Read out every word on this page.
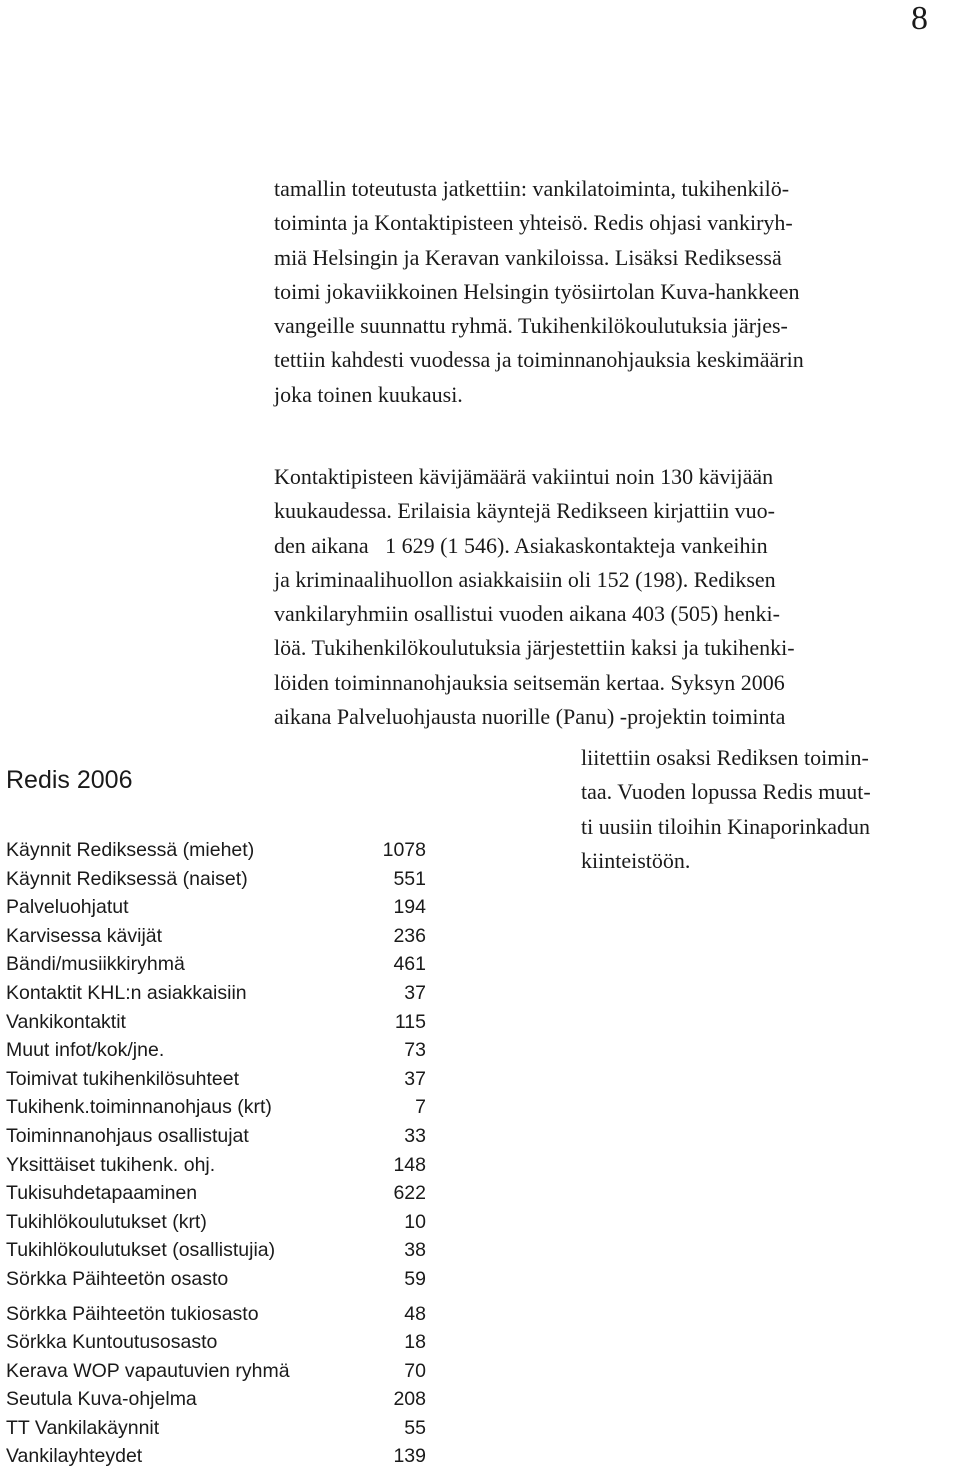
8
tamallin toteutusta jatkettiin: vankilatoiminta, tukihenkilö-
toiminta ja Kontaktipisteen yhteisö. Redis ohjasi vankiryh-
miä Helsingin ja Keravan vankiloissa. Lisäksi Rediksessä
toimi jokaviikkoinen Helsingin työsiirtolan Kuva-hankkeen
vangeille suunnattu ryhmä. Tukihenkilökoulutuksia järjes-
tettiin kahdesti vuodessa ja toiminnanohjauksia keskimäärin
joka toinen kuukausi.
Kontaktipisteen kävijämäärä vakiintui noin 130 kävijään
kuukaudessa. Erilaisia käyntejä Redikseen kirjattiin vuo-
den aikana   1 629 (1 546). Asiakaskontakteja vankeihin
ja kriminaalihuollon asiakkaisiin oli 152 (198). Rediksen
vankilaryhmiin osallistui vuoden aikana 403 (505) henki-
löä. Tukihenkilökoulutuksia järjestettiin kaksi ja tukihenki-
löiden toiminnanohjauksia seitsemän kertaa. Syksyn 2006
aikana Palveluohjausta nuorille (Panu) -projektin toiminta
liitettiin osaksi Rediksen toimin-
taa. Vuoden lopussa Redis muut-
ti uusiin tiloihin Kinaporinkadun
kiinteistöön.
Redis 2006
Käynnit Rediksessä (miehet)	1078
Käynnit Rediksessä (naiset)	551
Palveluohjatut	194
Karvisessa kävijät	236
Bändi/musiikkiryhmä	461
Kontaktit KHL:n asiakkaisiin	37
Vankikontaktit	115
Muut infot/kok/jne.	73
Toimivat tukihenkilösuhteet	37
Tukihenk.toiminnanohjaus (krt)	7
Toiminnanohjaus osallistujat	33
Yksittäiset tukihenk. ohj.	148
Tukisuhdetapaaminen	622
Tukihlökoulutukset (krt)	10
Tukihlökoulutukset (osallistujia)	38
Sörkka Päihteetön osasto	59
Sörkka Päihteetön tukiosasto	48
Sörkka Kuntoutusosasto	18
Kerava WOP vapautuvien ryhmä	70
Seutula Kuva-ohjelma	208
TT Vankilakäynnit	55
Vankilayhteydet	139
